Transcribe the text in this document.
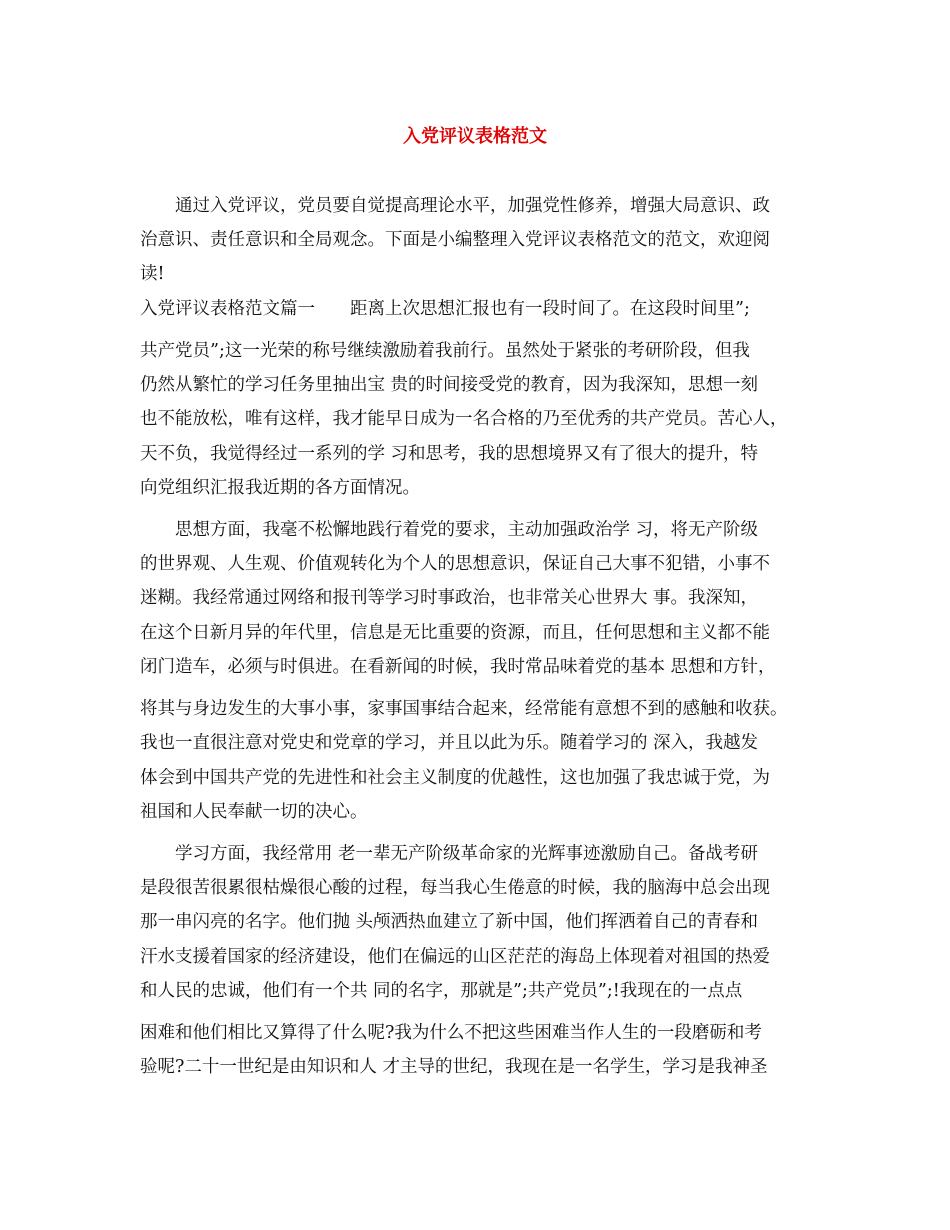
入党评议表格范文
　　通过入党评议，党员要自觉提高理论水平，加强党性修养，增强大局意识、政
治意识、责任意识和全局观念。下面是小编整理入党评议表格范文的范文，欢迎阅
读!
入党评议表格范文篇一　　距离上次思想汇报也有一段时间了。在这段时间里”;
共产党员”;这一光荣的称号继续激励着我前行。虽然处于紧张的考研阶段，但我
仍然从繁忙的学习任务里抽出宝 贵的时间接受党的教育，因为我深知，思想一刻
也不能放松，唯有这样，我才能早日成为一名合格的乃至优秀的共产党员。苦心人，
天不负，我觉得经过一系列的学 习和思考，我的思想境界又有了很大的提升，特
向党组织汇报我近期的各方面情况。
　　思想方面，我毫不松懈地践行着党的要求，主动加强政治学 习，将无产阶级
的世界观、人生观、价值观转化为个人的思想意识，保证自己大事不犯错，小事不
迷糊。我经常通过网络和报刊等学习时事政治，也非常关心世界大 事。我深知，
在这个日新月异的年代里，信息是无比重要的资源，而且，任何思想和主义都不能
闭门造车，必须与时俱进。在看新闻的时候，我时常品味着党的基本 思想和方针，
将其与身边发生的大事小事，家事国事结合起来，经常能有意想不到的感触和收获。
我也一直很注意对党史和党章的学习，并且以此为乐。随着学习的 深入，我越发
体会到中国共产党的先进性和社会主义制度的优越性，这也加强了我忠诚于党，为
祖国和人民奉献一切的决心。
　　学习方面，我经常用 老一辈无产阶级革命家的光辉事迹激励自己。备战考研
是段很苦很累很枯燥很心酸的过程，每当我心生倦意的时候，我的脑海中总会出现
那一串闪亮的名字。他们抛 头颅洒热血建立了新中国，他们挥洒着自己的青春和
汗水支援着国家的经济建设，他们在偏远的山区茫茫的海岛上体现着对祖国的热爱
和人民的忠诚，他们有一个共 同的名字，那就是”;共产党员”;!我现在的一点点
困难和他们相比又算得了什么呢?我为什么不把这些困难当作人生的一段磨砺和考
验呢?二十一世纪是由知识和人 才主导的世纪，我现在是一名学生，学习是我神圣
